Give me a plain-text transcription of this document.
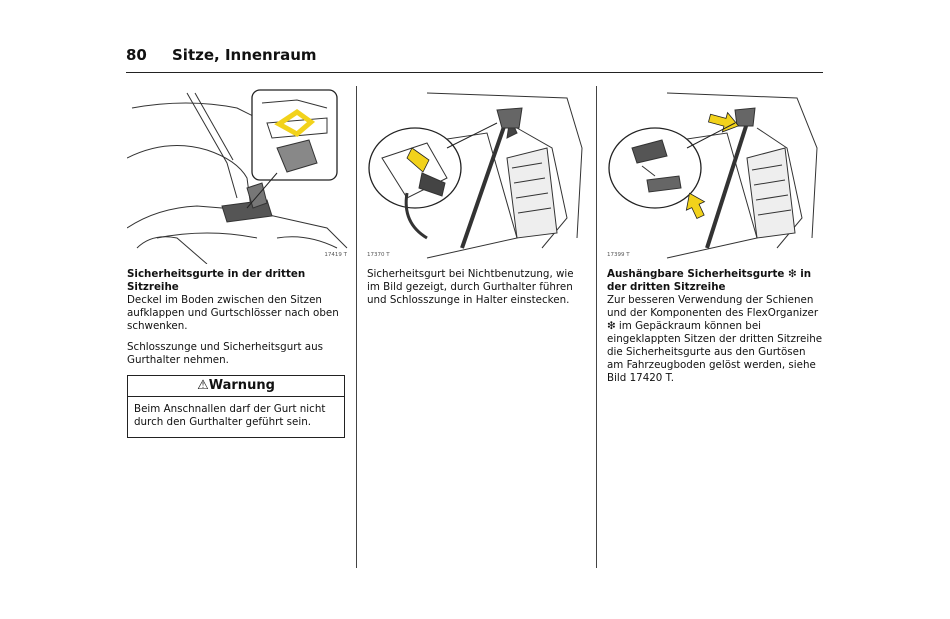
80 Sitze, Innenraum
17419 T
Sicherheitsgurte in der dritten Sitzreihe

Deckel im Boden zwischen den Sitzen aufklappen und Gurtschlösser nach oben schwenken.

Schlosszunge und Sicherheitsgurt aus Gurthalter nehmen.

⚠Warnung
Beim Anschnallen darf der Gurt nicht durch den Gurthalter geführt sein.
17370 T

Sicherheitsgurt bei Nichtbenutzung, wie im Bild gezeigt, durch Gurthalter führen und Schlosszunge in Halter einstecken.

17399 T
Aushängbare Sicherheitsgurte ❇ in der dritten Sitzreihe

Zur besseren Verwendung der Schienen und der Komponenten des FlexOrganizer ❇ im Gepäckraum können bei eingeklappten Sitzen der dritten Sitzreihe die Sicherheitsgurte aus den Gurtösen am Fahrzeugboden gelöst werden, siehe Bild 17420 T.
